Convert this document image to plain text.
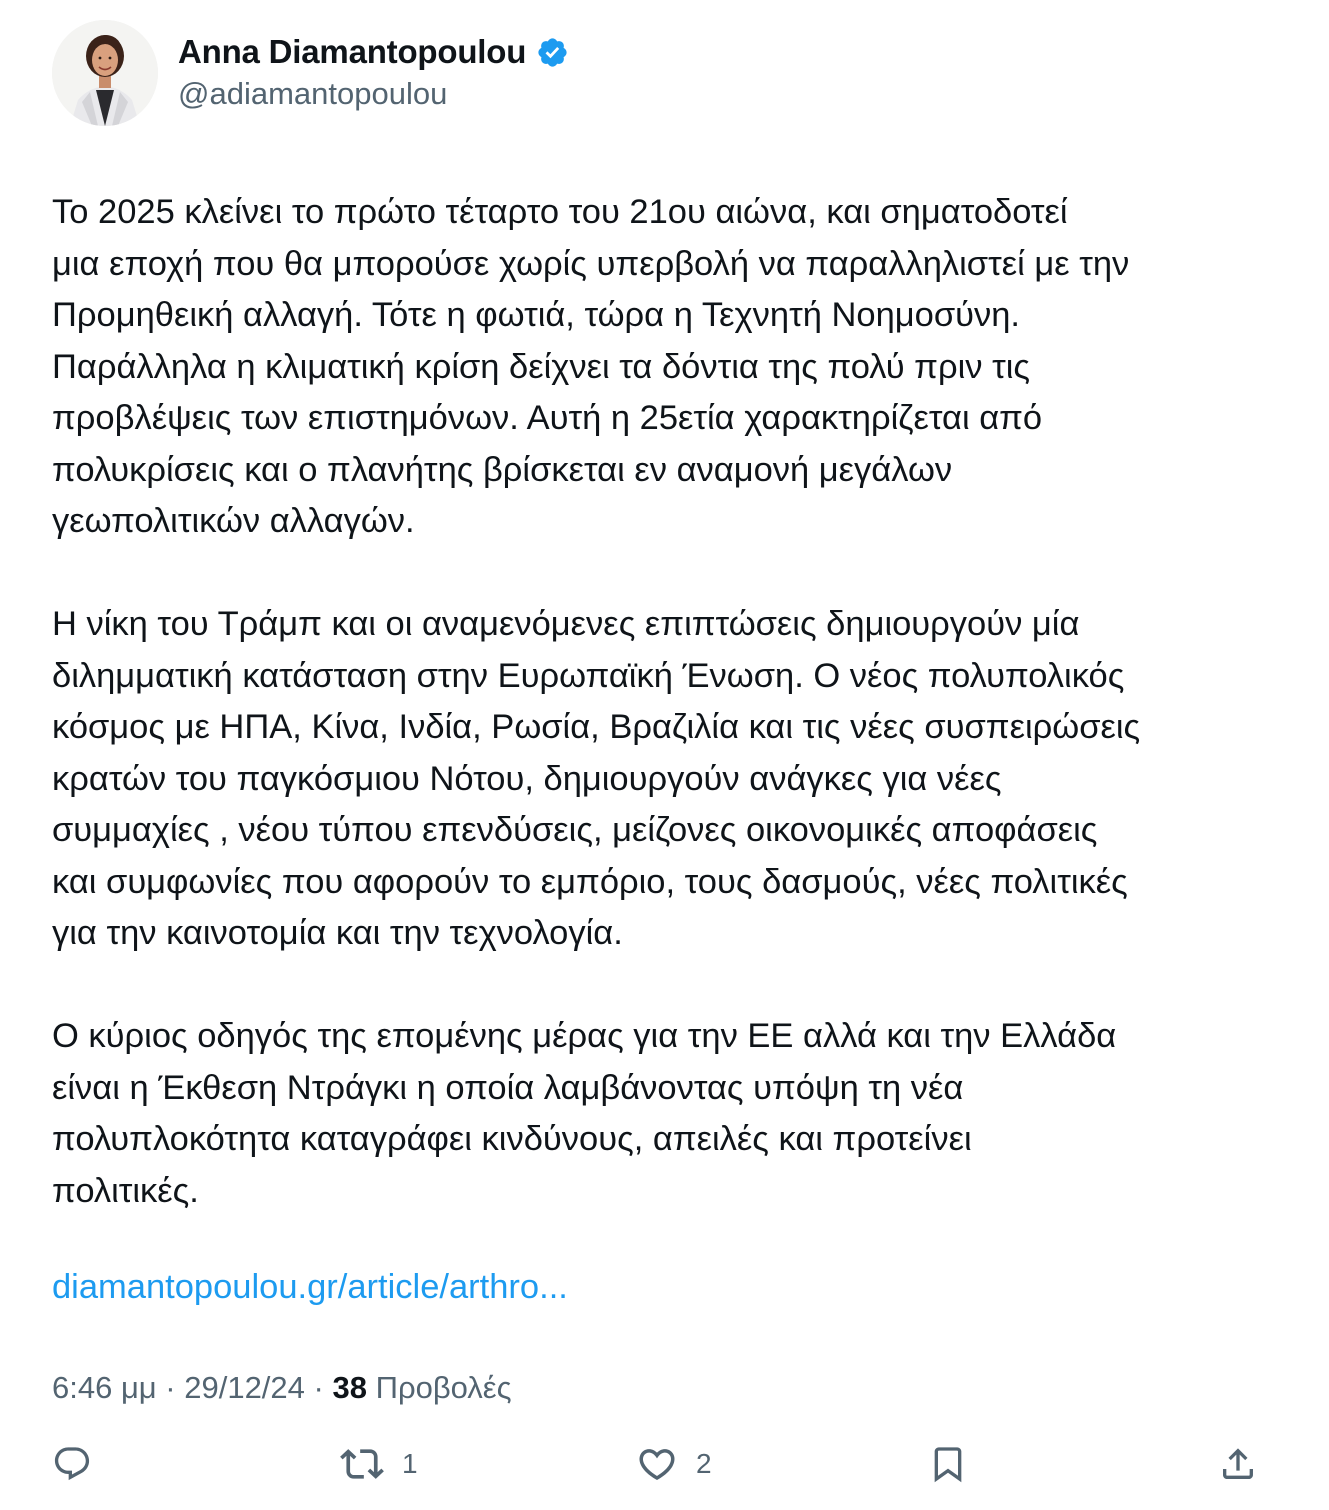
Anna Diamantopoulou
@adiamantopoulou
Το 2025 κλείνει το πρώτο τέταρτο του 21ου αιώνα, και σηματοδοτεί
μια εποχή που θα μπορούσε χωρίς υπερβολή να παραλληλιστεί με την
Προμηθεική αλλαγή. Τότε η φωτιά, τώρα η Τεχνητή Νοημοσύνη.
Παράλληλα η κλιματική κρίση δείχνει τα δόντια της πολύ πριν τις
προβλέψεις των επιστημόνων. Αυτή η 25ετία χαρακτηρίζεται από
πολυκρίσεις και ο πλανήτης βρίσκεται εν αναμονή μεγάλων
γεωπολιτικών αλλαγών.
Η νίκη του Τράμπ και οι αναμενόμενες επιπτώσεις δημιουργούν μία
διλημματική κατάσταση στην Ευρωπαϊκή Ένωση. Ο νέος πολυπολικός
κόσμος με ΗΠΑ, Κίνα, Ινδία, Ρωσία, Βραζιλία και τις νέες συσπειρώσεις
κρατών του παγκόσμιου Νότου, δημιουργούν ανάγκες για νέες
συμμαχίες , νέου τύπου επενδύσεις, μείζονες οικονομικές αποφάσεις
και συμφωνίες που αφορούν το εμπόριο, τους δασμούς, νέες πολιτικές
για την καινοτομία και την τεχνολογία.
Ο κύριος οδηγός της επομένης μέρας για την ΕΕ αλλά και την Ελλάδα
είναι η Έκθεση Ντράγκι η οποία λαμβάνοντας υπόψη τη νέα
πολυπλοκότητα καταγράφει κινδύνους, απειλές και προτείνει
πολιτικές.
diamantopoulou.gr/article/arthro...
6:46 μμ · 29/12/24 · 38 Προβολές
1	2
